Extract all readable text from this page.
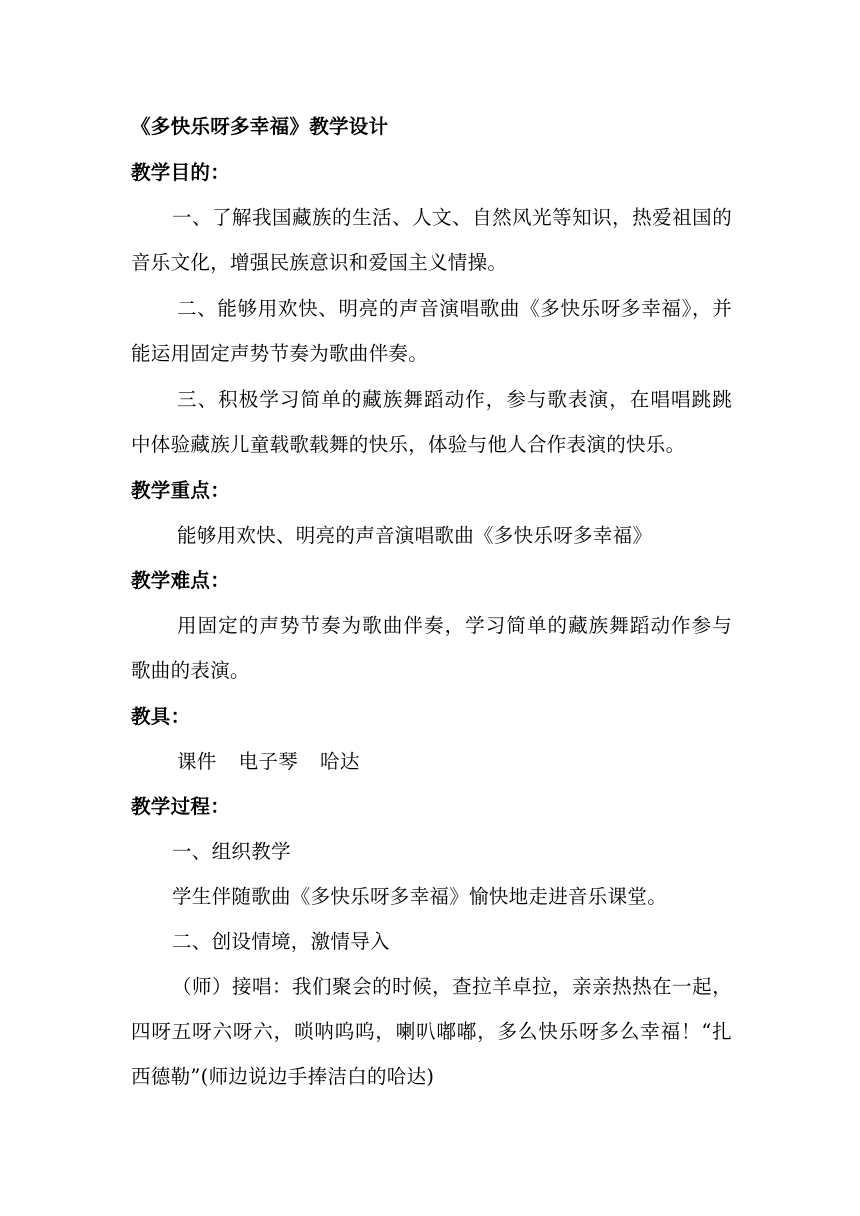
《多快乐呀多幸福》教学设计
教学目的：
一、了解我国藏族的生活、人文、自然风光等知识，热爱祖国的
音乐文化，增强民族意识和爱国主义情操。
二、能够用欢快、明亮的声音演唱歌曲《多快乐呀多幸福》，并
能运用固定声势节奏为歌曲伴奏。
三、积极学习简单的藏族舞蹈动作，参与歌表演，在唱唱跳跳
中体验藏族儿童载歌载舞的快乐，体验与他人合作表演的快乐。
教学重点：
能够用欢快、明亮的声音演唱歌曲《多快乐呀多幸福》
教学难点：
用固定的声势节奏为歌曲伴奏，学习简单的藏族舞蹈动作参与
歌曲的表演。
教具：
课件 电子琴 哈达
教学过程：
一、组织教学
学生伴随歌曲《多快乐呀多幸福》愉快地走进音乐课堂。
二、创设情境，激情导入
（师）接唱：我们聚会的时候，查拉羊卓拉，亲亲热热在一起，
四呀五呀六呀六，唢呐呜呜，喇叭嘟嘟，多么快乐呀多么幸福！“扎
西德勒”(师边说边手捧洁白的哈达)
